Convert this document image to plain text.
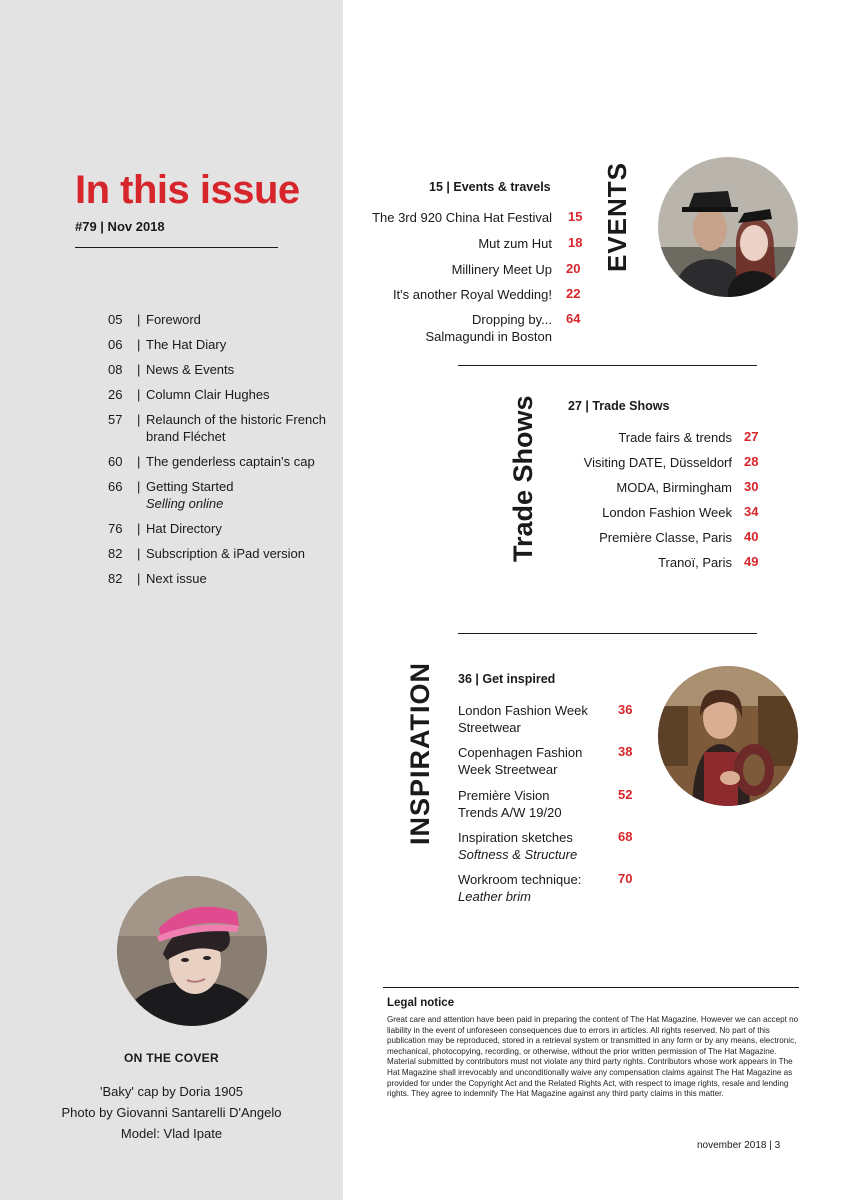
In this issue
#79 | Nov 2018
05	| Foreword
06	| The Hat Diary
08	| News & Events
26	| Column Clair Hughes
57	| Relaunch of the historic French brand Fléchet
60	| The genderless captain's cap
66	| Getting Started
Selling online
76	| Hat Directory
82	| Subscription & iPad version
82	| Next issue
ON THE COVER
'Baky' cap by Doria 1905
Photo by Giovanni Santarelli D'Angelo
Model: Vlad Ipate
15 | Events & travels
The 3rd 920 China Hat Festival 15
Mut zum Hut 18
Millinery Meet Up 20
It's another Royal Wedding! 22
Dropping by...
Salmagundi in Boston
64
EVENTS
Trade Shows 27 | Trade Shows
Trade fairs & trends 27
Visiting DATE, Düsseldorf 28
MODA, Birmingham 30
London Fashion Week 34
Première Classe, Paris 40
Tranoï, Paris 49
INSPIRATION 36 | Get inspired
London Fashion Week
Streetwear
36
Copenhagen Fashion
Week Streetwear
38
Première Vision
Trends A/W 19/20
52
Inspiration sketches
Softness & Structure
68
Workroom technique:
Leather brim
70
Legal notice
Great care and attention have been paid in preparing the content of The Hat Magazine. However we can accept no liability in the event of unforeseen consequences due to errors in articles. All rights reserved. No part of this publication may be reproduced, stored in a retrieval system or transmitted in any form or by any means, electronic, mechanical, photocopying, recording, or otherwise, without the prior written permission of The Hat Magazine. Material submitted by contributors must not violate any third party rights. Contributors whose work appears in The Hat Magazine shall irrevocably and unconditionally waive any compensation claims against The Hat Magazine as provided for under the Copyright Act and the Related Rights Act, with respect to image rights, resale and lending rights. They agree to indemnify The Hat Magazine against any third party claims in this matter.
november 2018 | 3
